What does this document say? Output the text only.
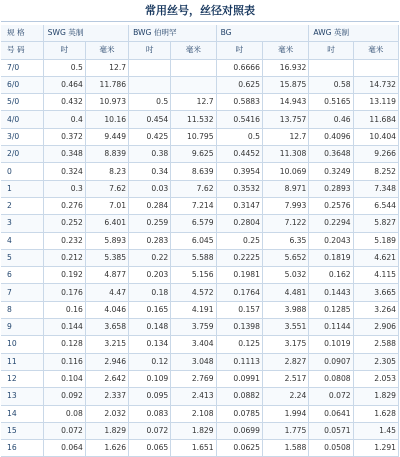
常用丝号，丝径对照表
规 格	SWG 英制		BWG 伯明罕		BG		AWG 英制	
号 码	吋	毫米	吋	毫米	吋	毫米	吋	毫米
7/0	0.5	12.7			0.6666	16.932		
6/0	0.464	11.786			0.625	15.875	0.58	14.732
5/0	0.432	10.973	0.5	12.7	0.5883	14.943	0.5165	13.119
4/0	0.4	10.16	0.454	11.532	0.5416	13.757	0.46	11.684
3/0	0.372	9.449	0.425	10.795	0.5	12.7	0.4096	10.404
2/0	0.348	8.839	0.38	9.625	0.4452	11.308	0.3648	9.266
0	0.324	8.23	0.34	8.639	0.3954	10.069	0.3249	8.252
1	0.3	7.62	0.03	7.62	0.3532	8.971	0.2893	7.348
2	0.276	7.01	0.284	7.214	0.3147	7.993	0.2576	6.544
3	0.252	6.401	0.259	6.579	0.2804	7.122	0.2294	5.827
4	0.232	5.893	0.283	6.045	0.25	6.35	0.2043	5.189
5	0.212	5.385	0.22	5.588	0.2225	5.652	0.1819	4.621
6	0.192	4.877	0.203	5.156	0.1981	5.032	0.162	4.115
7	0.176	4.47	0.18	4.572	0.1764	4.481	0.1443	3.665
8	0.16	4.046	0.165	4.191	0.157	3.988	0.1285	3.264
9	0.144	3.658	0.148	3.759	0.1398	3.551	0.1144	2.906
10	0.128	3.215	0.134	3.404	0.125	3.175	0.1019	2.588
11	0.116	2.946	0.12	3.048	0.1113	2.827	0.0907	2.305
12	0.104	2.642	0.109	2.769	0.0991	2.517	0.0808	2.053
13	0.092	2.337	0.095	2.413	0.0882	2.24	0.072	1.829
14	0.08	2.032	0.083	2.108	0.0785	1.994	0.0641	1.628
15	0.072	1.829	0.072	1.829	0.0699	1.775	0.0571	1.45
16	0.064	1.626	0.065	1.651	0.0625	1.588	0.0508	1.291
